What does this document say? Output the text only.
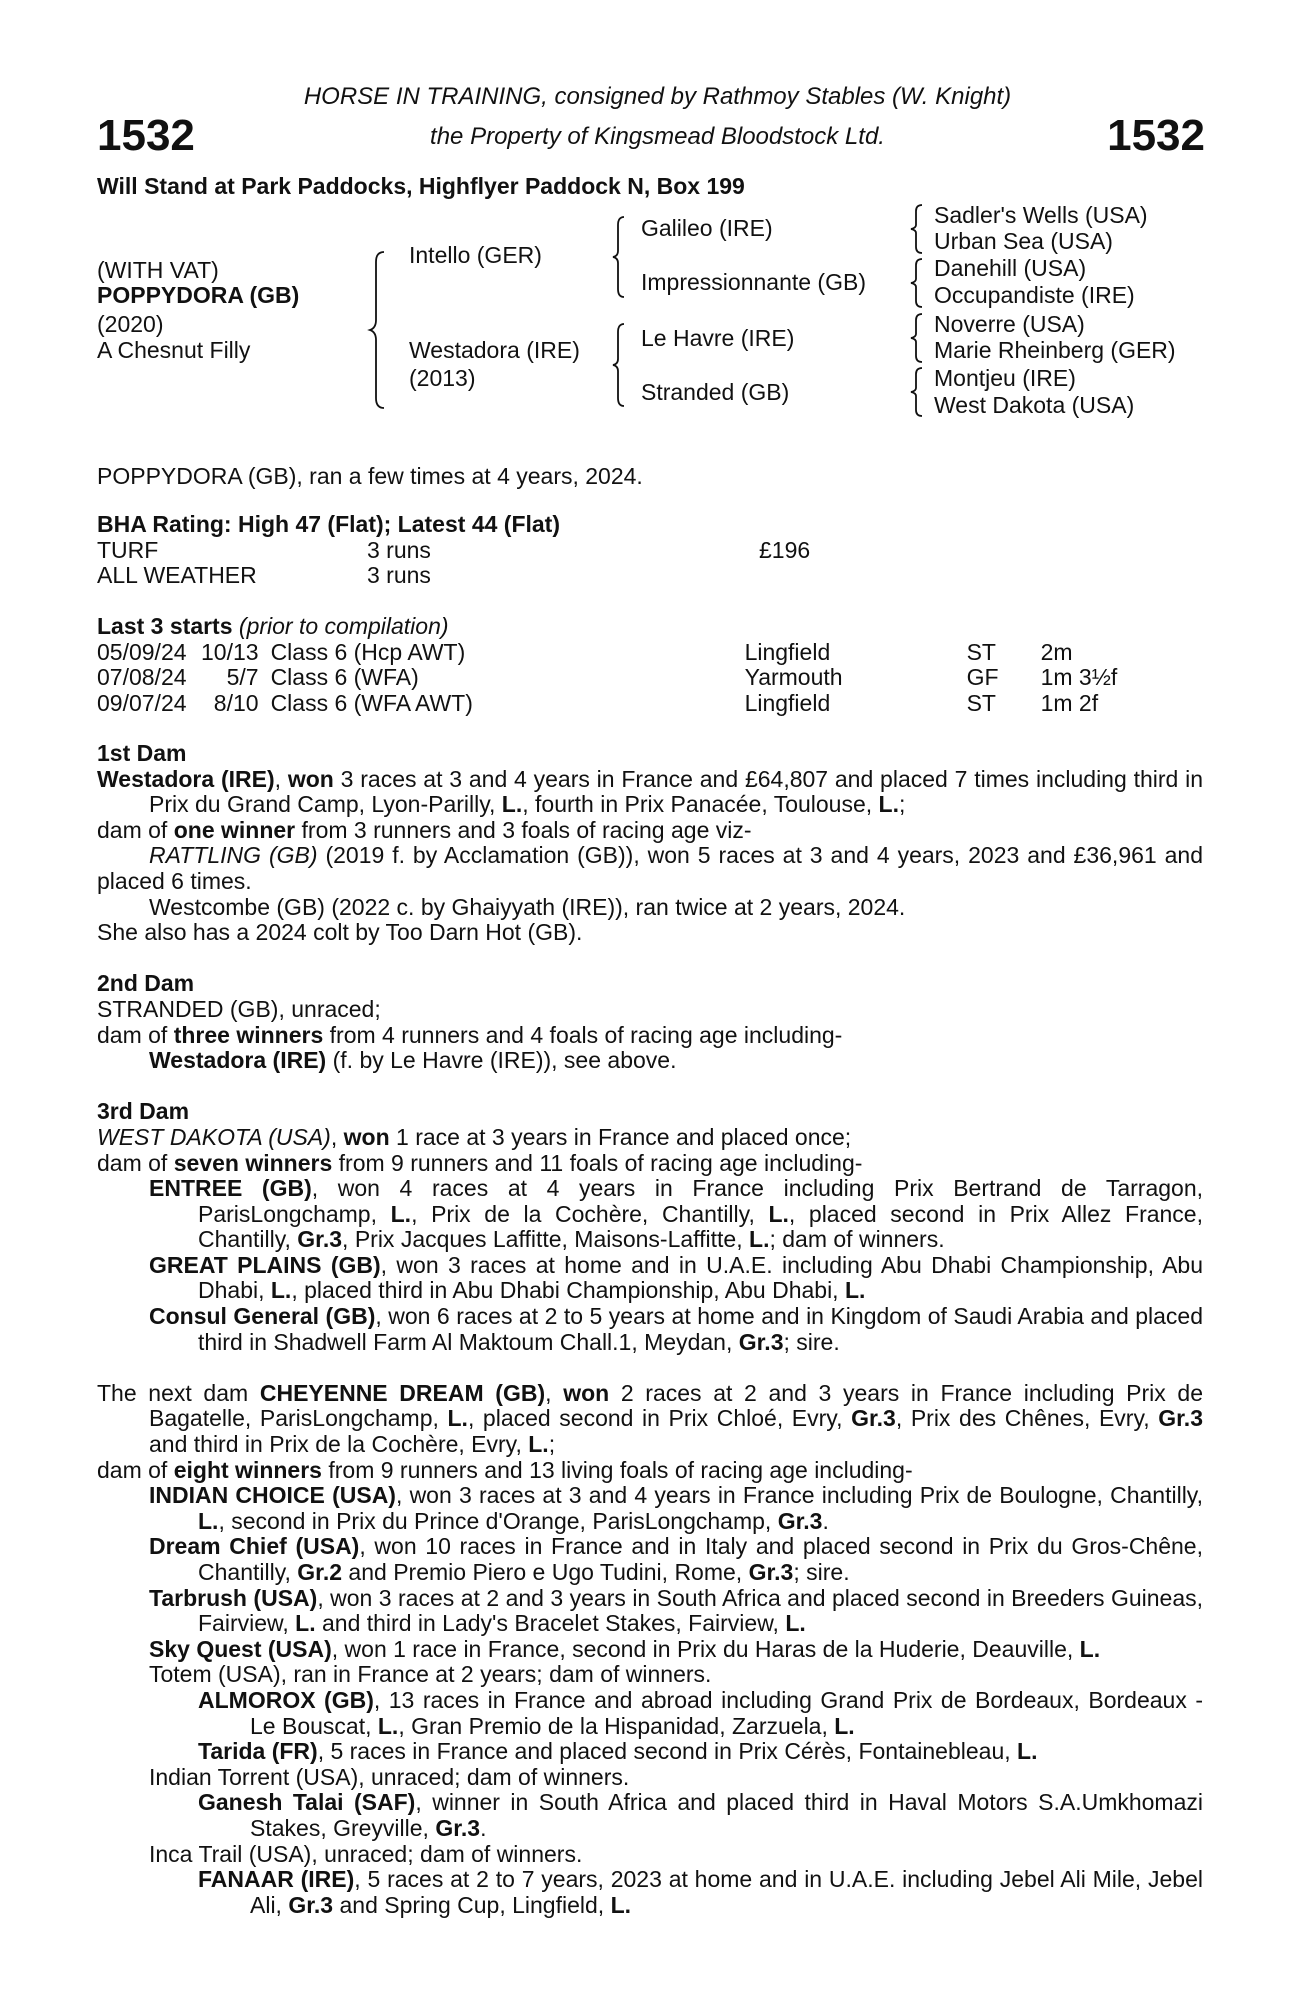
HORSE IN TRAINING, consigned by Rathmoy Stables (W. Knight)
the Property of Kingsmead Bloodstock Ltd.
1532	1532
Will Stand at Park Paddocks, Highflyer Paddock N, Box 199
(WITH VAT)
POPPYDORA (GB)
(2020)
A Chesnut Filly
Intello (GER)
Westadora (IRE)
(2013)
Galileo (IRE)
Impressionnante (GB)
Le Havre (IRE)
Stranded (GB)
Sadler's Wells (USA)
Urban Sea (USA)
Danehill (USA)
Occupandiste (IRE)
Noverre (USA)
Marie Rheinberg (GER)
Montjeu (IRE)
West Dakota (USA)
POPPYDORA (GB), ran a few times at 4 years, 2024.
BHA Rating: High 47 (Flat); Latest 44 (Flat)
TURF	3 runs	£196
ALL WEATHER	3 runs	
Last 3 starts (prior to compilation)
05/09/24	10/13	Class 6 (Hcp AWT)	Lingfield	ST	2m
07/08/24	5/7	Class 6 (WFA)	Yarmouth	GF	1m 3½f
09/07/24	8/10	Class 6 (WFA AWT)	Lingfield	ST	1m 2f
1st Dam
Westadora (IRE), won 3 races at 3 and 4 years in France and £64,807 and placed 7 times including third in Prix du Grand Camp, Lyon-Parilly, L., fourth in Prix Panacée, Toulouse, L.;
dam of one winner from 3 runners and 3 foals of racing age viz-
RATTLING (GB) (2019 f. by Acclamation (GB)), won 5 races at 3 and 4 years, 2023 and £36,961 and placed 6 times.
Westcombe (GB) (2022 c. by Ghaiyyath (IRE)), ran twice at 2 years, 2024.
She also has a 2024 colt by Too Darn Hot (GB).
2nd Dam
STRANDED (GB), unraced;
dam of three winners from 4 runners and 4 foals of racing age including-
Westadora (IRE) (f. by Le Havre (IRE)), see above.
3rd Dam
WEST DAKOTA (USA), won 1 race at 3 years in France and placed once;
dam of seven winners from 9 runners and 11 foals of racing age including-
ENTREE (GB), won 4 races at 4 years in France including Prix Bertrand de Tarragon, ParisLongchamp, L., Prix de la Cochère, Chantilly, L., placed second in Prix Allez France, Chantilly, Gr.3, Prix Jacques Laffitte, Maisons-Laffitte, L.; dam of winners.
GREAT PLAINS (GB), won 3 races at home and in U.A.E. including Abu Dhabi Championship, Abu Dhabi, L., placed third in Abu Dhabi Championship, Abu Dhabi, L.
Consul General (GB), won 6 races at 2 to 5 years at home and in Kingdom of Saudi Arabia and placed third in Shadwell Farm Al Maktoum Chall.1, Meydan, Gr.3; sire.
The next dam CHEYENNE DREAM (GB), won 2 races at 2 and 3 years in France including Prix de Bagatelle, ParisLongchamp, L., placed second in Prix Chloé, Evry, Gr.3, Prix des Chênes, Evry, Gr.3 and third in Prix de la Cochère, Evry, L.;
dam of eight winners from 9 runners and 13 living foals of racing age including-
INDIAN CHOICE (USA), won 3 races at 3 and 4 years in France including Prix de Boulogne, Chantilly, L., second in Prix du Prince d'Orange, ParisLongchamp, Gr.3.
Dream Chief (USA), won 10 races in France and in Italy and placed second in Prix du Gros-Chêne, Chantilly, Gr.2 and Premio Piero e Ugo Tudini, Rome, Gr.3; sire.
Tarbrush (USA), won 3 races at 2 and 3 years in South Africa and placed second in Breeders Guineas, Fairview, L. and third in Lady's Bracelet Stakes, Fairview, L.
Sky Quest (USA), won 1 race in France, second in Prix du Haras de la Huderie, Deauville, L.
Totem (USA), ran in France at 2 years; dam of winners.
ALMOROX (GB), 13 races in France and abroad including Grand Prix de Bordeaux, Bordeaux - Le Bouscat, L., Gran Premio de la Hispanidad, Zarzuela, L.
Tarida (FR), 5 races in France and placed second in Prix Cérès, Fontainebleau, L.
Indian Torrent (USA), unraced; dam of winners.
Ganesh Talai (SAF), winner in South Africa and placed third in Haval Motors S.A.Umkhomazi Stakes, Greyville, Gr.3.
Inca Trail (USA), unraced; dam of winners.
FANAAR (IRE), 5 races at 2 to 7 years, 2023 at home and in U.A.E. including Jebel Ali Mile, Jebel Ali, Gr.3 and Spring Cup, Lingfield, L.
